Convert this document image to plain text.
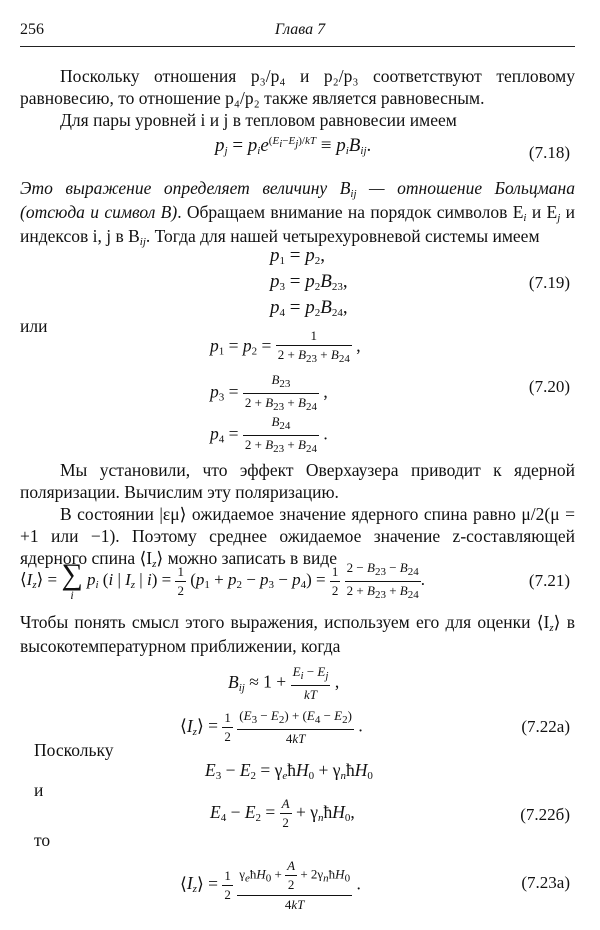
256	Глава 7
Поскольку отношения p₃/p₄ и p₂/p₃ соответствуют тепловому равновесию, то отношение p₄/p₂ также является равновесным.
Для пары уровней i и j в тепловом равновесии имеем
$p_j = p_ie^{(E_i-E_j)/kT} \equiv p_iB_{ij}$.	(7.18)
Это выражение определяет величину $B_{ij}$ — отношение Больцмана (отсюда и символ B). Обращаем внимание на порядок символов $E_i$ и $E_j$ и индексов i, j в $B_{ij}$. Тогда для нашей четырехуровневой системы имеем
$p_1 = p_2$,
$p_3 = p_2B_{23}$,
$p_4 = p_2B_{24}$,
(7.19)
или
$p_1 = p_2 = \frac{1}{2 + B_{23} + B_{24}}$ ,
$p_3 = \frac{B_{23}}{2 + B_{23} + B_{24}}$ ,
$p_4 = \frac{B_{24}}{2 + B_{23} + B_{24}}$ .
(7.20)
Мы установили, что эффект Оверхаузера приводит к ядерной поляризации. Вычислим эту поляризацию.
В состоянии |εμ⟩ ожидаемое значение ядерного спина равно μ/2(μ = +1 или −1). Поэтому среднее ожидаемое значение z-составляющей ядерного спина $⟨I_z⟩$ можно записать в виде
$⟨I_z⟩$ = ∑
i $p_i$ (i | $I_z$ | $i) = \frac{1}{2} (p_1 + p_2 - p_3 - p_4) = \frac{1}{2}$
$\frac{2 - B_{23} - B_{24}}{2 + B_{23} + B_{24}}$ .	(7.21)
Чтобы понять смысл этого выражения, используем его для оценки $⟨I_z⟩$ в высокотемпературном приближении, когда
$B_{ij} \approx 1 + \frac{E_i - E_j}{kT}$ ,
$⟨I_z⟩ = \frac{1}{2}$
$\frac{(E_3 - E_2) + (E_4 - E_2)}{4kT}$ .	(7.22а)
Поскольку
$E_3 - E_2$ = $\gamma_eħH_0$ + $\gamma_nħH_0$
и
$E_4 - E_2 = \frac{A}{2}$ + $\gamma_nħH_0$,	(7.22б)
то
$⟨I_z⟩ = \frac{1}{2}$
$\frac{\gamma_eħH_0 + \frac{A}{2} + 2\gamma_nħH_0}{4kT}$ .	(7.23а)
